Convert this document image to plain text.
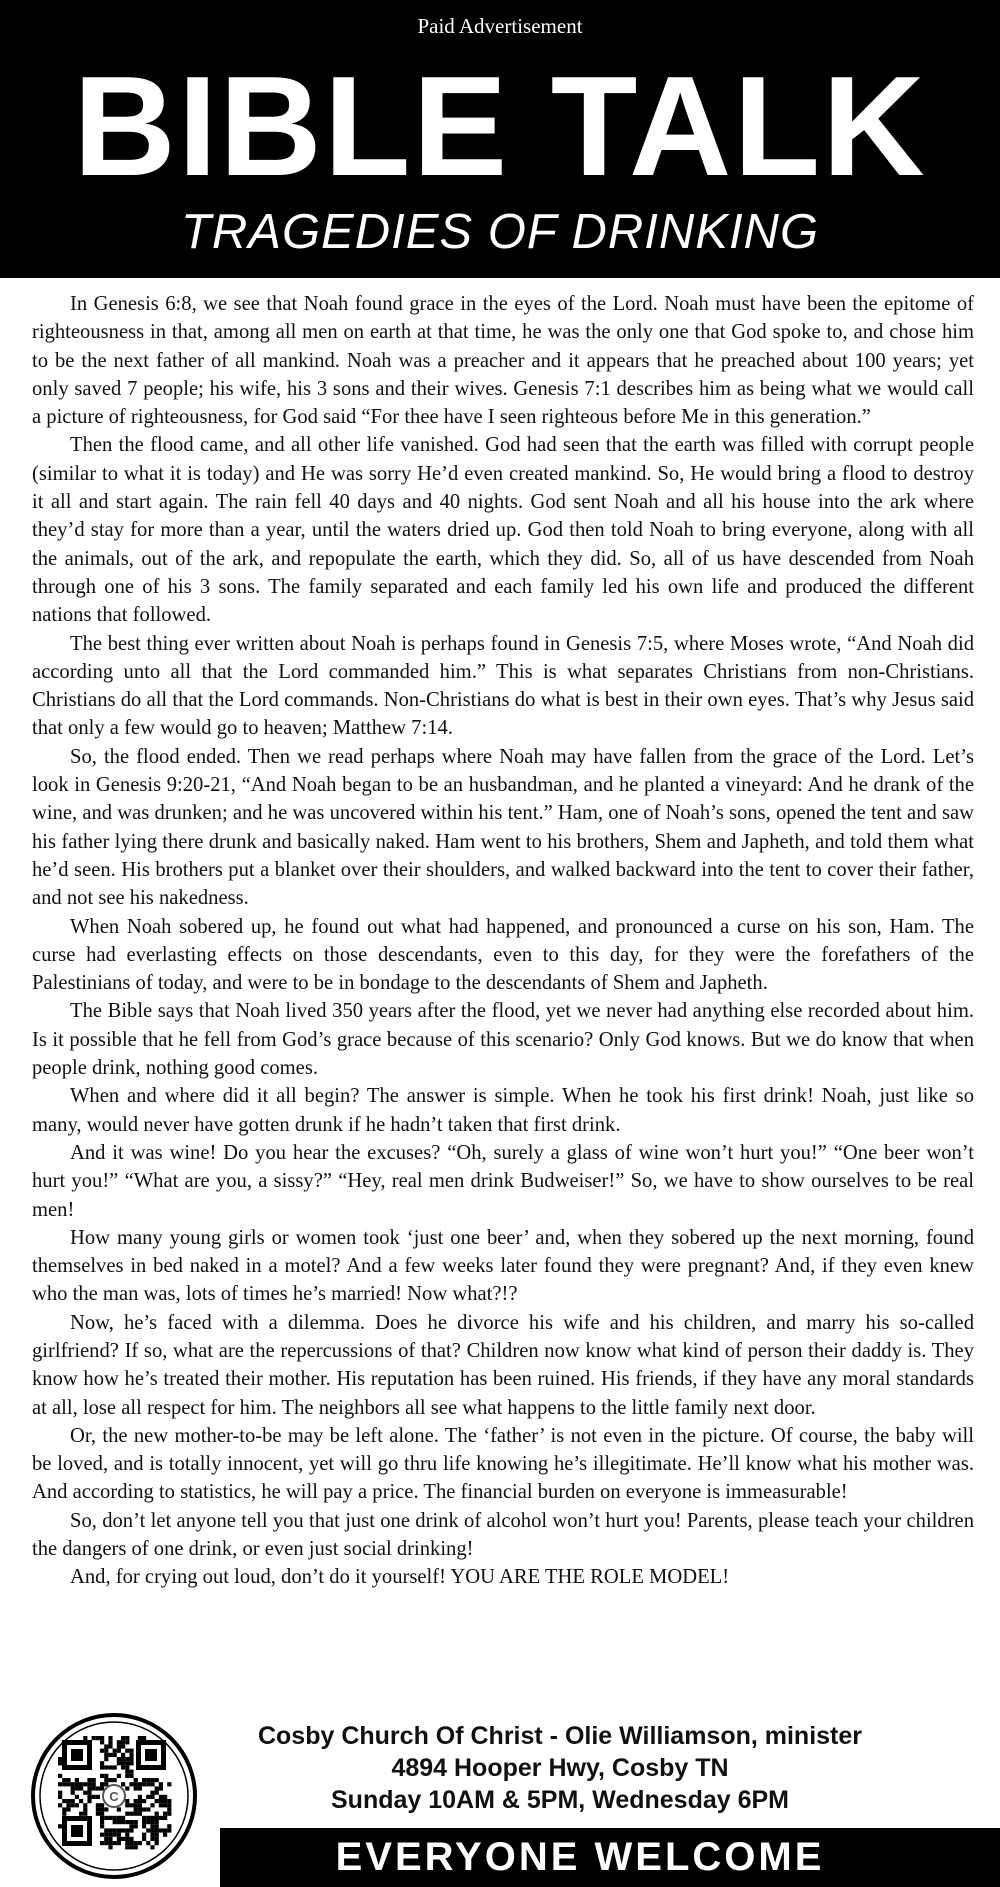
Paid Advertisement
BIBLE TALK
TRAGEDIES OF DRINKING

In Genesis 6:8, we see that Noah found grace in the eyes of the Lord. Noah must have been the epitome of righteousness in that, among all men on earth at that time, he was the only one that God spoke to, and chose him to be the next father of all mankind. Noah was a preacher and it appears that he preached about 100 years; yet only saved 7 people; his wife, his 3 sons and their wives. Genesis 7:1 describes him as being what we would call a picture of righteousness, for God said “For thee have I seen righteous before Me in this generation.”

Then the flood came, and all other life vanished. God had seen that the earth was filled with corrupt people (similar to what it is today) and He was sorry He’d even created mankind. So, He would bring a flood to destroy it all and start again. The rain fell 40 days and 40 nights. God sent Noah and all his house into the ark where they’d stay for more than a year, until the waters dried up. God then told Noah to bring everyone, along with all the animals, out of the ark, and repopulate the earth, which they did. So, all of us have descended from Noah through one of his 3 sons. The family separated and each family led his own life and produced the different nations that followed.

The best thing ever written about Noah is perhaps found in Genesis 7:5, where Moses wrote, “And Noah did according unto all that the Lord commanded him.” This is what separates Christians from non-Christians. Christians do all that the Lord commands. Non-Christians do what is best in their own eyes. That’s why Jesus said that only a few would go to heaven; Matthew 7:14.

So, the flood ended. Then we read perhaps where Noah may have fallen from the grace of the Lord. Let’s look in Genesis 9:20-21, “And Noah began to be an husbandman, and he planted a vineyard: And he drank of the wine, and was drunken; and he was uncovered within his tent.” Ham, one of Noah’s sons, opened the tent and saw his father lying there drunk and basically naked. Ham went to his brothers, Shem and Japheth, and told them what he’d seen. His brothers put a blanket over their shoulders, and walked backward into the tent to cover their father, and not see his nakedness.

When Noah sobered up, he found out what had happened, and pronounced a curse on his son, Ham. The curse had everlasting effects on those descendants, even to this day, for they were the forefathers of the Palestinians of today, and were to be in bondage to the descendants of Shem and Japheth.

The Bible says that Noah lived 350 years after the flood, yet we never had anything else recorded about him. Is it possible that he fell from God’s grace because of this scenario? Only God knows. But we do know that when people drink, nothing good comes.

When and where did it all begin? The answer is simple. When he took his first drink! Noah, just like so many, would never have gotten drunk if he hadn’t taken that first drink.

And it was wine! Do you hear the excuses? “Oh, surely a glass of wine won’t hurt you!” “One beer won’t hurt you!” “What are you, a sissy?” “Hey, real men drink Budweiser!” So, we have to show ourselves to be real men!

How many young girls or women took ‘just one beer’ and, when they sobered up the next morning, found themselves in bed naked in a motel? And a few weeks later found they were pregnant? And, if they even knew who the man was, lots of times he’s married! Now what?!?

Now, he’s faced with a dilemma. Does he divorce his wife and his children, and marry his so-called girlfriend? If so, what are the repercussions of that? Children now know what kind of person their daddy is. They know how he’s treated their mother. His reputation has been ruined. His friends, if they have any moral standards at all, lose all respect for him. The neighbors all see what happens to the little family next door.

Or, the new mother-to-be may be left alone. The ‘father’ is not even in the picture. Of course, the baby will be loved, and is totally innocent, yet will go thru life knowing he’s illegitimate. He’ll know what his mother was. And according to statistics, he will pay a price. The financial burden on everyone is immeasurable!

So, don’t let anyone tell you that just one drink of alcohol won’t hurt you! Parents, please teach your children the dangers of one drink, or even just social drinking!

And, for crying out loud, don’t do it yourself! YOU ARE THE ROLE MODEL!

C
Cosby Church Of Christ - Olie Williamson, minister
4894 Hooper Hwy, Cosby TN
Sunday 10AM & 5PM, Wednesday 6PM
EVERYONE WELCOME
